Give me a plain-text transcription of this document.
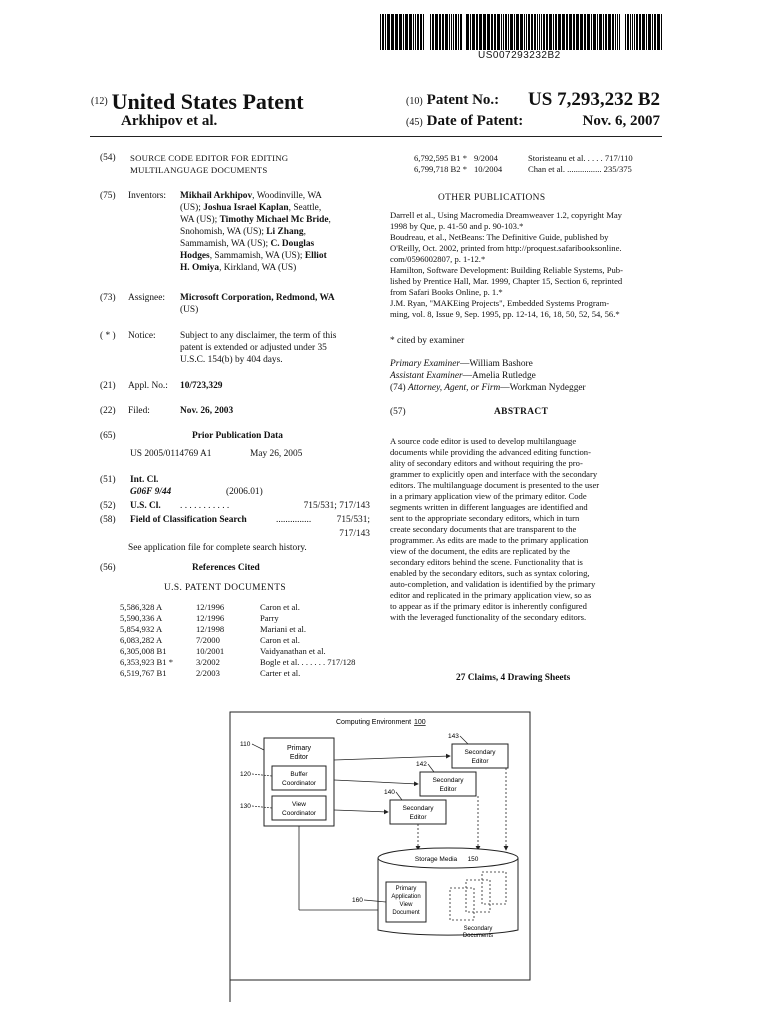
US007293232B2
$^{(12)}$ United States Patent
Arkhipov et al.
(10) Patent No.: US 7,293,232 B2
(45) Date of Patent:	Nov. 6, 2007
(54)	SOURCE CODE EDITOR FOR EDITING
MULTILANGUAGE DOCUMENTS
(75)	Inventors: Mikhail Arkhipov, Woodinville, WA
(US); Joshua Israel Kaplan, Seattle,
WA (US); Timothy Michael Mc Bride,
Snohomish, WA (US); Li Zhang,
Sammamish, WA (US); C. Douglas
Hodges, Sammamish, WA (US); Elliot
H. Omiya, Kirkland, WA (US)
(73)	Assignee: Microsoft Corporation, Redmond, WA
(US)
( * )	Notice:	Subject to any disclaimer, the term of this
patent is extended or adjusted under 35
U.S.C. 154(b) by 404 days.
(21)	Appl. No.: 10/723,329
(22)	Filed:	Nov. 26, 2003
(65)	Prior Publication Data
US 2005/0114769 A1	May 26, 2005
(51)	Int. Cl.
G06F 9/44	(2006.01)
(52)	U.S. Cl. . . . . . . . . . . .	715/531; 717/143
(58)	Field of Classification Search	...............	715/531;
717/143
See application file for complete search history.
(56)	References Cited
U.S. PATENT DOCUMENTS
5,586,328 A	12/1996	Caron et al.
5,590,336 A	12/1996	Parry
5,854,932 A	12/1998	Mariani et al.
6,083,282 A	7/2000	Caron et al.
6,305,008 B1	10/2001	Vaidyanathan et al.
6,353,923 B1 *	3/2002	Bogle et al. . . . . . . 717/128
6,519,767 B1	2/2003	Carter et al.
6,792,595 B1 * 9/2004	Storisteanu et al. . . . . 717/110
6,799,718 B2 * 10/2004	Chan et al. ................ 235/375
OTHER PUBLICATIONS
Darrell et al., Using Macromedia Dreamweaver 1.2, copyright May
1998 by Que, p. 41-50 and p. 90-103.*
Boudreau, et al., NetBeans: The Definitive Guide, published by
O'Reilly, Oct. 2002, printed from http://proquest.safaribooksonline.
com/0596002807, p. 1-12.*
Hamilton, Software Development: Building Reliable Systems, Pub-
lished by Prentice Hall, Mar. 1999, Chapter 15, Section 6, reprinted
from Safari Books Online, p. 1.*
J.M. Ryan, "MAKEing Projects", Embedded Systems Program-
ming, vol. 8, Issue 9, Sep. 1995, pp. 12-14, 16, 18, 50, 52, 54, 56.*
* cited by examiner
Primary Examiner—William Bashore
Assistant Examiner—Amelia Rutledge
(74) Attorney, Agent, or Firm—Workman Nydegger
(57)	ABSTRACT

A source code editor is used to develop multilanguage

documents while providing the advanced editing function-

ality of secondary editors and without requiring the pro-

grammer to explicitly open and interface with the secondary

editors. The multilanguage document is presented to the user

in a primary application view of the primary editor. Code

segments written in different languages are identified and

sent to the appropriate secondary editors, which in turn

create secondary documents that are transparent to the

programmer. As edits are made to the primary application

view of the document, the edits are replicated by the

secondary editors behind the scene. Functionality that is

enabled by the secondary editors, such as syntax coloring,

auto-completion, and validation is identified by the primary

editor and replicated in the primary application view, so as

to appear as if the primary editor is inherently configured

with the leveraged functionality of the secondary editors.

27 Claims, 4 Drawing Sheets
Computing Environment 100
Primary
Editor
Buffer
Coordinator
View
Coordinator
110
120
130
Secondary
Editor
Secondary
Editor
Secondary
Editor
143
142
140
Storage Media 150
Primary
Application
View
Document
160
Secondary
Documents
